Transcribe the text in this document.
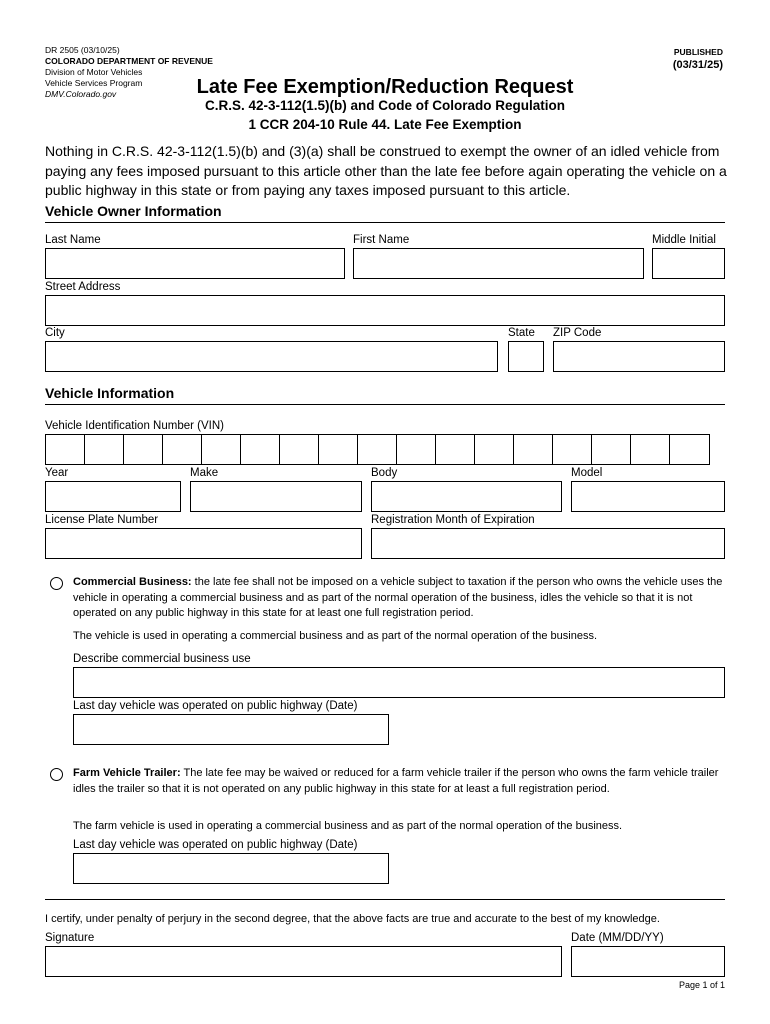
DR 2505 (03/10/25)
COLORADO DEPARTMENT OF REVENUE
Division of Motor Vehicles
Vehicle Services Program
DMV.Colorado.gov
PUBLISHED
(03/31/25)
Late Fee Exemption/Reduction Request
C.R.S. 42-3-112(1.5)(b) and Code of Colorado Regulation
1 CCR 204-10 Rule 44. Late Fee Exemption
Nothing in C.R.S. 42-3-112(1.5)(b) and (3)(a) shall be construed to exempt the owner of an idled vehicle from paying any fees imposed pursuant to this article other than the late fee before again operating the vehicle on a public highway in this state or from paying any taxes imposed pursuant to this article.
Vehicle Owner Information
Last Name	First Name	Middle Initial
Street Address
City	State ZIP Code
Vehicle Information
Vehicle Identification Number (VIN)
Year	Make	Body	Model
License Plate Number	Registration Month of Expiration
Commercial Business: the late fee shall not be imposed on a vehicle subject to taxation if the person who owns the vehicle uses the vehicle in operating a commercial business and as part of the normal operation of the business, idles the vehicle so that it is not operated on any public highway in this state for at least one full registration period.
The vehicle is used in operating a commercial business and as part of the normal operation of the business.
Describe commercial business use
Last day vehicle was operated on public highway (Date)
Farm Vehicle Trailer: The late fee may be waived or reduced for a farm vehicle trailer if the person who owns the farm vehicle trailer idles the trailer so that it is not operated on any public highway in this state for at least a full registration period.
The farm vehicle is used in operating a commercial business and as part of the normal operation of the business.
Last day vehicle was operated on public highway (Date)
I certify, under penalty of perjury in the second degree, that the above facts are true and accurate to the best of my knowledge.
Signature	Date (MM/DD/YY)
Page 1 of 1
